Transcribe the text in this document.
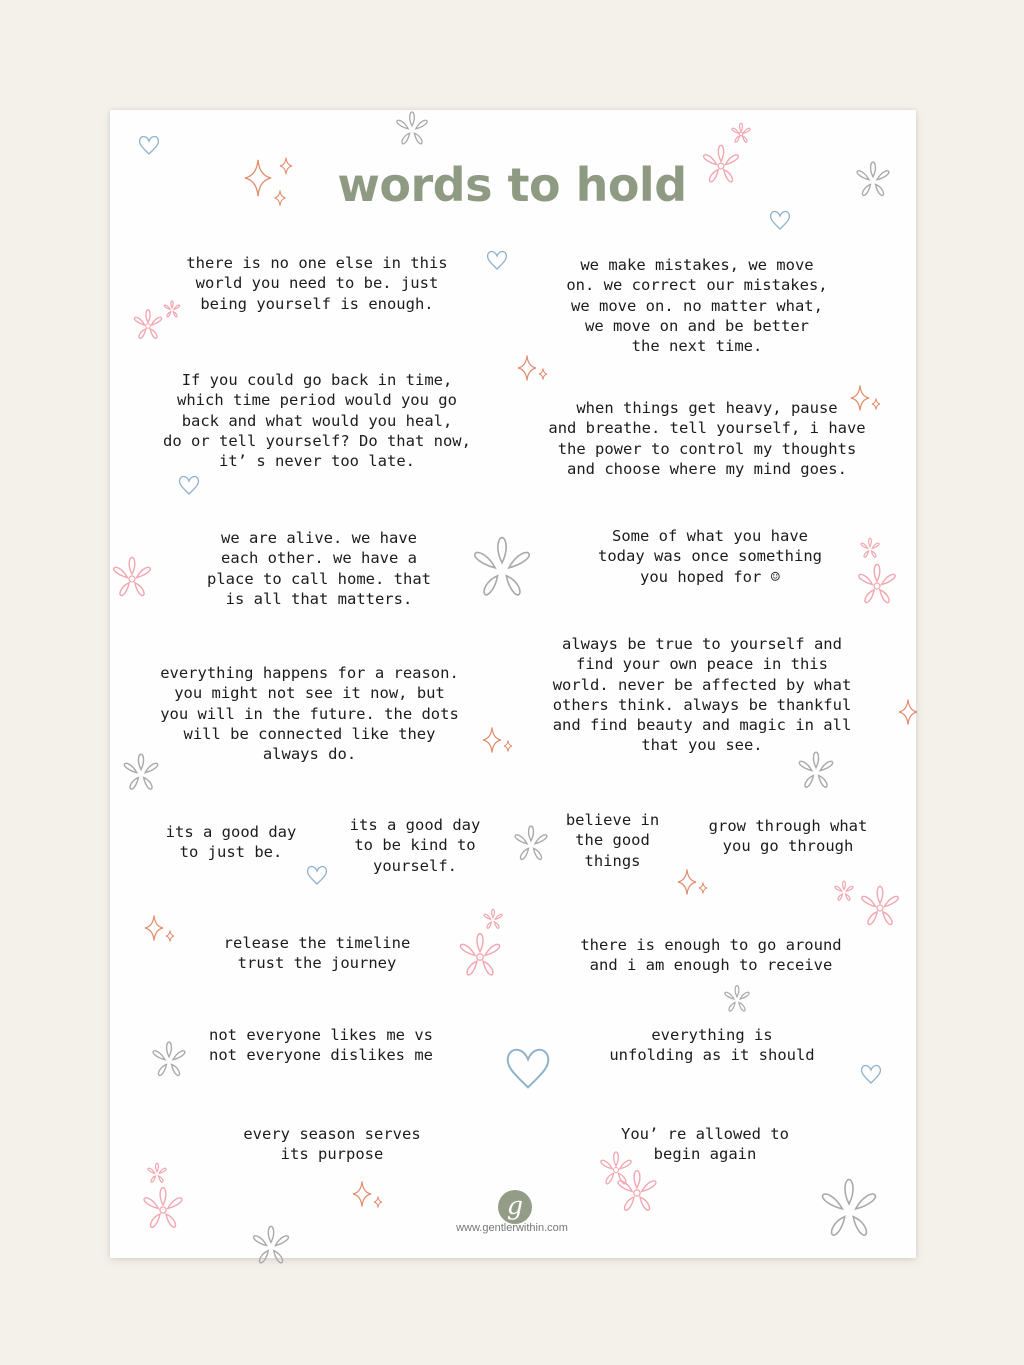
words to hold

there is no one else in this
world you need to be. just
being yourself is enough.

we make mistakes, we move
on. we correct our mistakes,
we move on. no matter what,
we move on and be better
the next time.

If you could go back in time,
which time period would you go
back and what would you heal,
do or tell yourself? Do that now,
it’ s never too late.

when things get heavy, pause
and breathe. tell yourself, i have
the power to control my thoughts
and choose where my mind goes.

we are alive. we have
each other. we have a
place to call home. that
is all that matters.

Some of what you have
today was once something
you hoped for ☺

everything happens for a reason.
you might not see it now, but
you will in the future. the dots
will be connected like they
always do.

always be true to yourself and
find your own peace in this
world. never be affected by what
others think. always be thankful
and find beauty and magic in all
that you see.

its a good day
to just be.

its a good day
to be kind to
yourself.

believe in
the good
things

grow through what
you go through

release the timeline
trust the journey

there is enough to go around
and i am enough to receive

not everyone likes me vs
not everyone dislikes me

everything is
unfolding as it should

every season serves
its purpose

You’ re allowed to
begin again

g
www.gentlerwithin.com
